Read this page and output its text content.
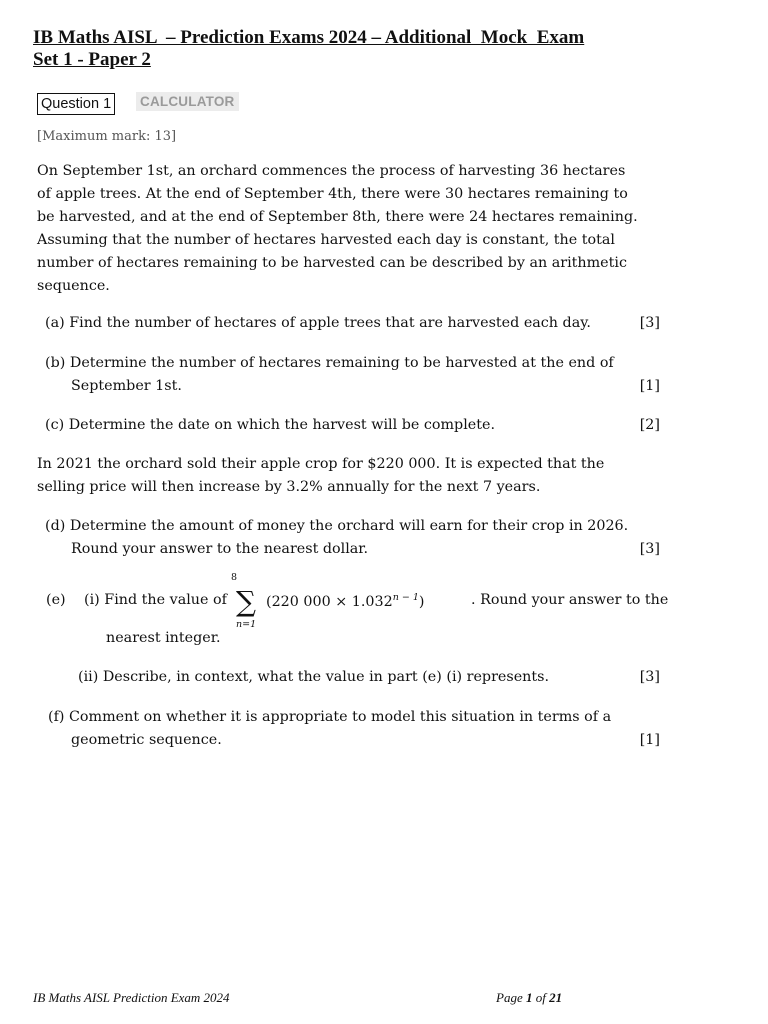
IB Maths AISL  – Prediction Exams 2024 – Additional  Mock  Exam
Set 1 - Paper 2
Question 1 CALCULATOR
[Maximum mark: 13]
On September 1st, an orchard commences the process of harvesting 36 hectares
of apple trees. At the end of September 4th, there were 30 hectares remaining to
be harvested, and at the end of September 8th, there were 24 hectares remaining.
Assuming that the number of hectares harvested each day is constant, the total
number of hectares remaining to be harvested can be described by an arithmetic
sequence.
(a) Find the number of hectares of apple trees that are harvested each day.	[3]
(b) Determine the number of hectares remaining to be harvested at the end of
September 1st.	[1]
(c) Determine the date on which the harvest will be complete.	[2]
In 2021 the orchard sold their apple crop for $220 000. It is expected that the
selling price will then increase by 3.2% annually for the next 7 years.
(d) Determine the amount of money the orchard will earn for their crop in 2026.
Round your answer to the nearest dollar.	[3]
(e) (i) Find the value of
8
∑
n=1
(220 $000 \times 1.032^{n - 1}$)	. Round your answer to the
nearest integer.
(ii) Describe, in context, what the value in part (e) (i) represents.	[3]
(f) Comment on whether it is appropriate to model this situation in terms of a
geometric sequence.	[1]
IB Maths AISL Prediction Exam 2024	Page 1 of 21
